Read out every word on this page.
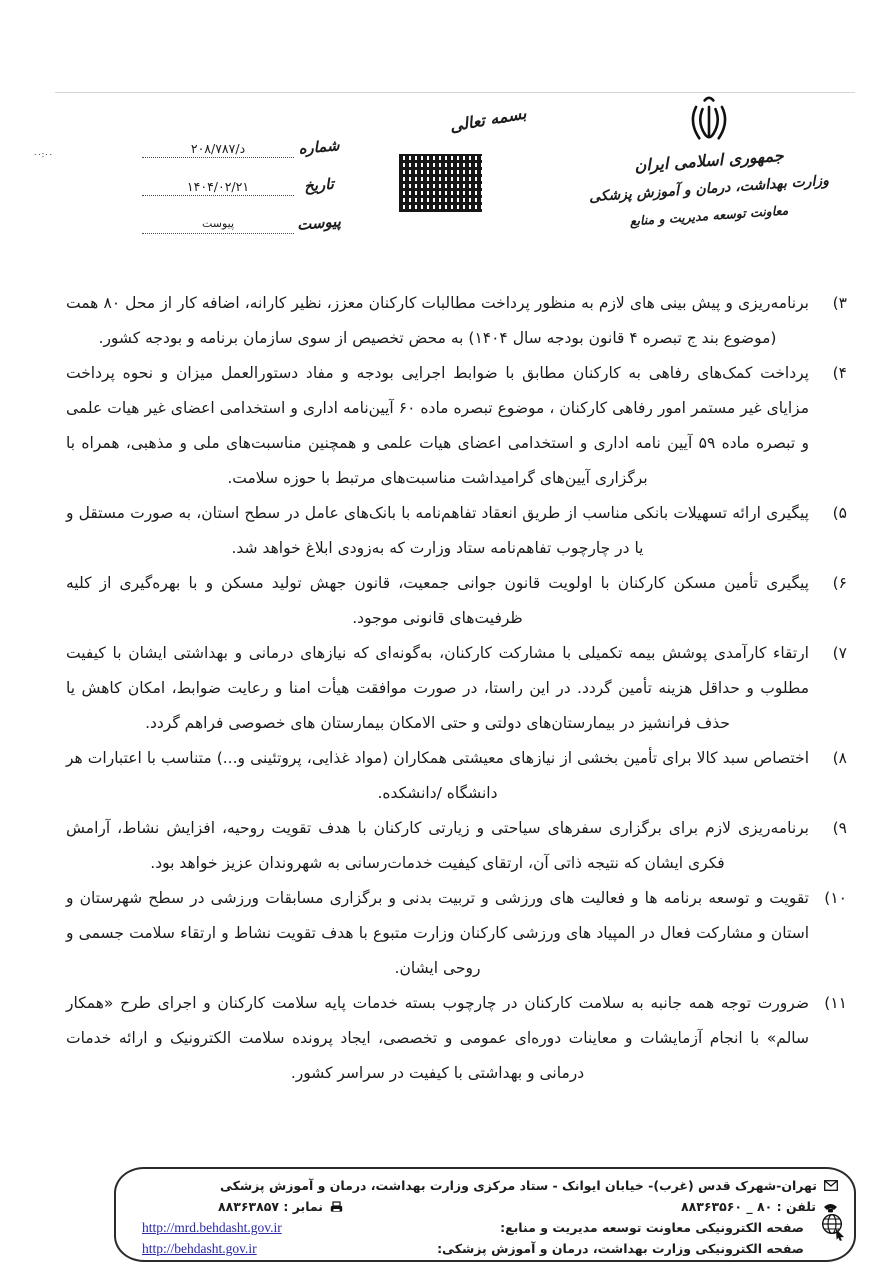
۰۰:۰۰	جمهوری اسلامی ایران
وزارت بهداشت، درمان و آموزش پزشکی
معاونت توسعه مدیریت و منابع
بسمه تعالی
شماره
د/۲۰۸/۷۸۷
تاریخ
۱۴۰۴/۰۲/۲۱
پیوست
پیوست
۳)
برنامه‌ریزی و پیش بینی های لازم به منظور پرداخت مطالبات کارکنان معزز، نظیر کارانه، اضافه کار از محل ۸۰ همت (موضوع بند ج تبصره ۴ قانون بودجه سال ۱۴۰۴) به محض تخصیص از سوی سازمان برنامه و بودجه کشور.
۴)
پرداخت کمک‌های رفاهی به کارکنان مطابق با ضوابط اجرایی بودجه و مفاد دستورالعمل میزان و نحوه پرداخت مزایای غیر مستمر امور رفاهی کارکنان ، موضوع تبصره ماده ۶۰ آیین‌نامه اداری و استخدامی اعضای غیر هیات علمی و تبصره ماده ۵۹ آیین نامه اداری و استخدامی اعضای هیات علمی و همچنین مناسبت‌های ملی و مذهبی، همراه با برگزاری آیین‌های گرامیداشت مناسبت‌های مرتبط با حوزه سلامت.
۵)
پیگیری ارائه تسهیلات بانکی مناسب از طریق انعقاد تفاهم‌نامه با بانک‌های عامل در سطح استان، به صورت مستقل و یا در چارچوب تفاهم‌نامه ستاد وزارت که به‌زودی ابلاغ خواهد شد.
۶)
پیگیری تأمین مسکن کارکنان با اولویت قانون جوانی جمعیت، قانون جهش تولید مسکن و با بهره‌گیری از کلیه ظرفیت‌های قانونی موجود.
۷)
ارتقاء کارآمدی پوشش بیمه تکمیلی با مشارکت کارکنان، به‌گونه‌ای که نیازهای درمانی و بهداشتی ایشان با کیفیت مطلوب و حداقل هزینه تأمین گردد. در این راستا، در صورت موافقت هیأت امنا و رعایت ضوابط، امکان کاهش یا حذف فرانشیز در بیمارستان‌های دولتی و حتی الامکان بیمارستان های خصوصی فراهم گردد.
۸)
اختصاص سبد کالا برای تأمین بخشی از نیازهای معیشتی همکاران (مواد غذایی، پروتئینی و...) متناسب با اعتبارات هر دانشگاه /دانشکده.
۹)
برنامه‌ریزی لازم برای برگزاری سفرهای سیاحتی و زیارتی کارکنان با هدف تقویت روحیه، افزایش نشاط، آرامش فکری ایشان که نتیجه ذاتی آن، ارتقای کیفیت خدمات‌رسانی به شهروندان عزیز خواهد بود.
۱۰)
تقویت و توسعه برنامه ها و فعالیت های ورزشی و تربیت بدنی و برگزاری مسابقات ورزشی در سطح شهرستان و استان و مشارکت فعال در المپیاد های ورزشی کارکنان وزارت متبوع با هدف تقویت نشاط و ارتقاء سلامت جسمی و روحی ایشان.
۱۱)
ضرورت توجه همه جانبه به سلامت کارکنان در چارچوب بسته خدمات پایه سلامت کارکنان و اجرای طرح «همکار سالم» با انجام آزمایشات و معاینات دوره‌ای عمومی و تخصصی، ایجاد پرونده سلامت الکترونیک و ارائه خدمات درمانی و بهداشتی با کیفیت در سراسر کشور.
تهران-شهرک قدس (غرب)- خیابان ایوانک - ستاد مرکزی وزارت بهداشت، درمان و آموزش پزشکی
تلفن : ۸۰ _ ۸۸۳۶۳۵۶۰
نمابر : ۸۸۳۶۳۸۵۷
صفحه الکترونیکی معاونت توسعه مدیریت و منابع:
http://mrd.behdasht.gov.ir
صفحه الکترونیکی وزارت بهداشت، درمان و آموزش پزشکی:
http://behdasht.gov.ir
